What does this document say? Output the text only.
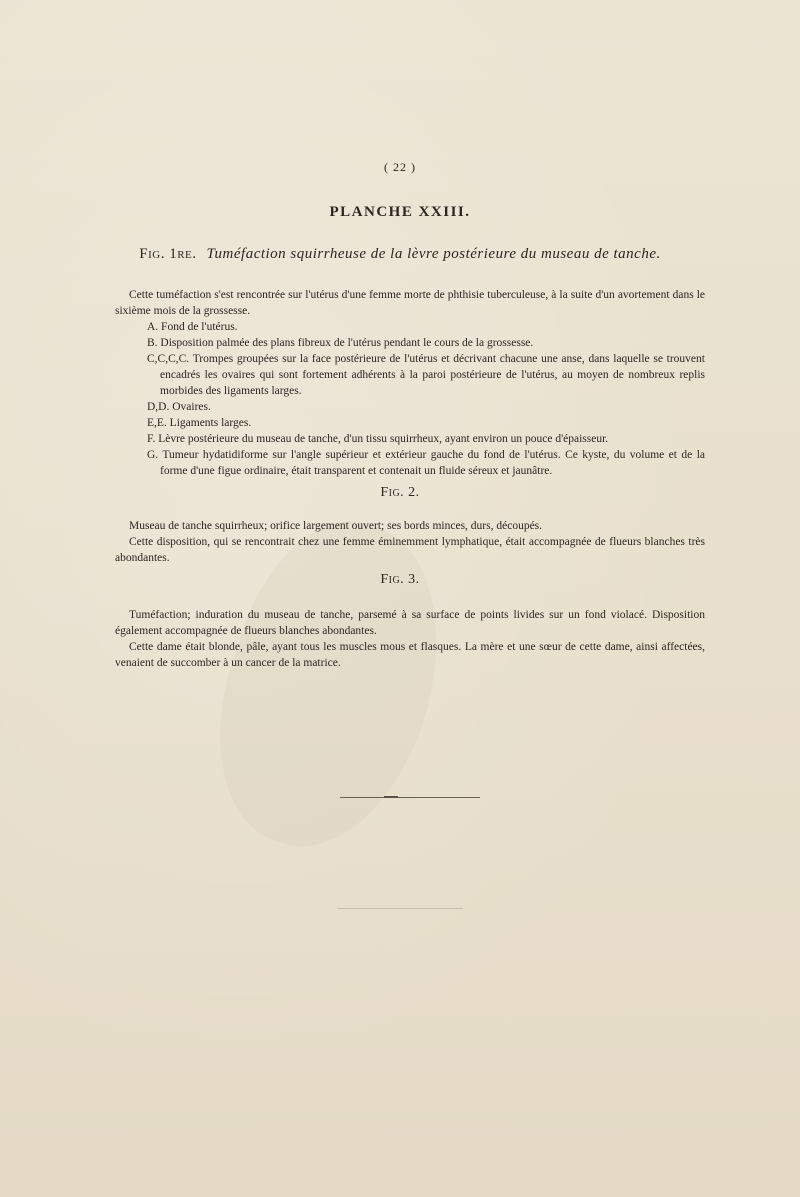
( 22 )
PLANCHE XXIII.
Fig. 1re. Tuméfaction squirrheuse de la lèvre postérieure du museau de tanche.

Cette tuméfaction s'est rencontrée sur l'utérus d'une femme morte de phthisie tuberculeuse, à la suite d'un avortement dans le sixième mois de la grossesse.

A. Fond de l'utérus.

B. Disposition palmée des plans fibreux de l'utérus pendant le cours de la grossesse.

C,C,C,C. Trompes groupées sur la face postérieure de l'utérus et décrivant chacune une anse, dans laquelle se trouvent encadrés les ovaires qui sont fortement adhérents à la paroi postérieure de l'utérus, au moyen de nombreux replis morbides des ligaments larges.

D,D. Ovaires.

E,E. Ligaments larges.

F. Lèvre postérieure du museau de tanche, d'un tissu squirrheux, ayant environ un pouce d'épaisseur.

G. Tumeur hydatidiforme sur l'angle supérieur et extérieur gauche du fond de l'utérus. Ce kyste, du volume et de la forme d'une figue ordinaire, était transparent et contenait un fluide séreux et jaunâtre.

Fig. 2.

Museau de tanche squirrheux; orifice largement ouvert; ses bords minces, durs, découpés.

Cette disposition, qui se rencontrait chez une femme éminemment lymphatique, était accompagnée de flueurs blanches très abondantes.

Fig. 3.

Tuméfaction; induration du museau de tanche, parsemé à sa surface de points livides sur un fond violacé. Disposition également accompagnée de flueurs blanches abondantes.

Cette dame était blonde, pâle, ayant tous les muscles mous et flasques. La mère et une sœur de cette dame, ainsi affectées, venaient de succomber à un cancer de la matrice.
